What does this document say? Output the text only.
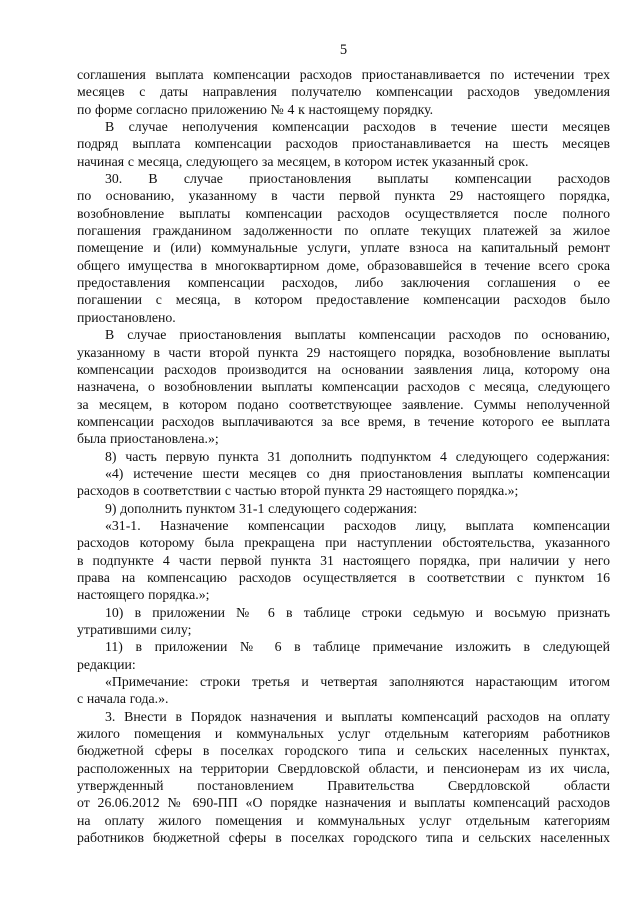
5
соглашения выплата компенсации расходов приостанавливается по истечении трех
месяцев с даты направления получателю компенсации расходов уведомления
по форме согласно приложению № 4 к настоящему порядку.
В случае неполучения компенсации расходов в течение шести месяцев
подряд выплата компенсации расходов приостанавливается на шесть месяцев
начиная с месяца, следующего за месяцем, в котором истек указанный срок.
30. В случае приостановления выплаты компенсации расходов
по основанию, указанному в части первой пункта 29 настоящего порядка,
возобновление выплаты компенсации расходов осуществляется после полного
погашения гражданином задолженности по оплате текущих платежей за жилое
помещение и (или) коммунальные услуги, уплате взноса на капитальный ремонт
общего имущества в многоквартирном доме, образовавшейся в течение всего срока
предоставления компенсации расходов, либо заключения соглашения о ее
погашении с месяца, в котором предоставление компенсации расходов было
приостановлено.
В случае приостановления выплаты компенсации расходов по основанию,
указанному в части второй пункта 29 настоящего порядка, возобновление выплаты
компенсации расходов производится на основании заявления лица, которому она
назначена, о возобновлении выплаты компенсации расходов с месяца, следующего
за месяцем, в котором подано соответствующее заявление. Суммы неполученной
компенсации расходов выплачиваются за все время, в течение которого ее выплата
была приостановлена.»;
8) часть первую пункта 31 дополнить подпунктом 4 следующего содержания:
«4) истечение шести месяцев со дня приостановления выплаты компенсации
расходов в соответствии с частью второй пункта 29 настоящего порядка.»;
9) дополнить пунктом 31-1 следующего содержания:
«31-1. Назначение компенсации расходов лицу, выплата компенсации
расходов которому была прекращена при наступлении обстоятельства, указанного
в подпункте 4 части первой пункта 31 настоящего порядка, при наличии у него
права на компенсацию расходов осуществляется в соответствии с пунктом 16
настоящего порядка.»;
10) в приложении № 6 в таблице строки седьмую и восьмую признать
утратившими силу;
11) в приложении № 6 в таблице примечание изложить в следующей
редакции:
«Примечание: строки третья и четвертая заполняются нарастающим итогом
с начала года.».
3. Внести в Порядок назначения и выплаты компенсаций расходов на оплату
жилого помещения и коммунальных услуг отдельным категориям работников
бюджетной сферы в поселках городского типа и сельских населенных пунктах,
расположенных на территории Свердловской области, и пенсионерам из их числа,
утвержденный постановлением Правительства Свердловской области
от 26.06.2012 № 690-ПП «О порядке назначения и выплаты компенсаций расходов
на оплату жилого помещения и коммунальных услуг отдельным категориям
работников бюджетной сферы в поселках городского типа и сельских населенных
